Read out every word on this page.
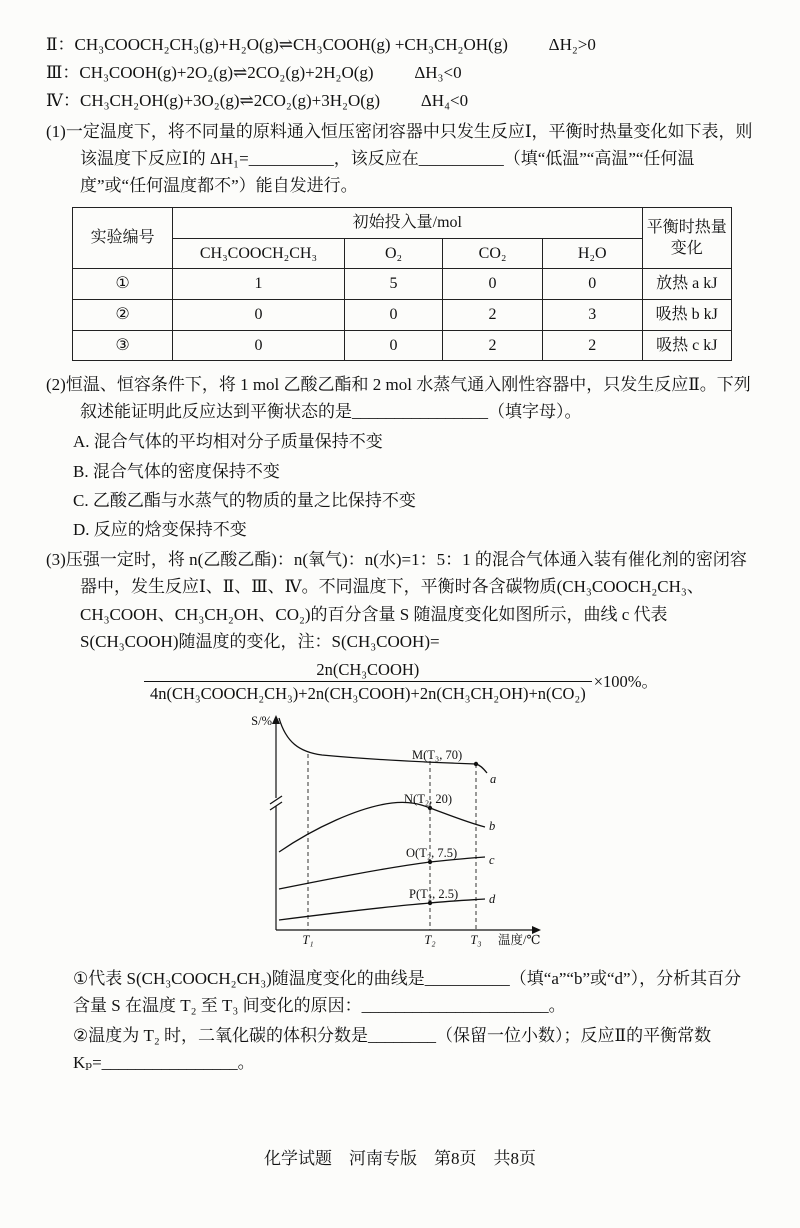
Ⅱ：CH₃COOCH₂CH₃(g)+H₂O(g)⇌CH₃COOH(g) +CH₃CH₂OH(g) ΔH₂>0

Ⅲ：CH₃COOH(g)+2O₂(g)⇌2CO₂(g)+2H₂O(g) ΔH₃<0

Ⅳ：CH₃CH₂OH(g)+3O₂(g)⇌2CO₂(g)+3H₂O(g) ΔH₄<0

(1)一定温度下，将不同量的原料通入恒压密闭容器中只发生反应Ⅰ，平衡时热量变化如下表，则该温度下反应Ⅰ的 ΔH₁=__________，该反应在__________（填“低温”“高温”“任何温度”或“任何温度都不”）能自发进行。

实验编号	初始投入量/mol				平衡时热量变化
	CH₃COOCH₂CH₃	O₂	CO₂	H₂O	
①	1	5	0	0	放热 a kJ
②	0	0	2	3	吸热 b kJ
③	0	0	2	2	吸热 c kJ

(2)恒温、恒容条件下，将 1 mol 乙酸乙酯和 2 mol 水蒸气通入刚性容器中，只发生反应Ⅱ。下列叙述能证明此反应达到平衡状态的是________________（填字母）。

A. 混合气体的平均相对分子质量保持不变

B. 混合气体的密度保持不变

C. 乙酸乙酯与水蒸气的物质的量之比保持不变

D. 反应的焓变保持不变

(3)压强一定时，将 n(乙酸乙酯)：n(氧气)：n(水)=1：5：1 的混合气体通入装有催化剂的密闭容器中，发生反应Ⅰ、Ⅱ、Ⅲ、Ⅳ。不同温度下，平衡时各含碳物质(CH₃COOCH₂CH₃、CH₃COOH、CH₃CH₂OH、CO₂)的百分含量 S 随温度变化如图所示，曲线 c 代表 S(CH₃COOH)随温度的变化，注：S(CH₃COOH)=

$\frac{\text{2n(CH₃COOH)}}{\text{4n(CH₃COOCH₂CH₃)+2n(CH₃COOH)+2n(CH₃CH₂OH)+n(CO₂)}} \times 100\%$。
M(T₃, 70)
N(T₂, 20)
O(T₂, 7.5)
P(T₂, 2.5)
a
b
c
d
S/%
T₁	T₂	T₃ 温度/℃

①代表 S(CH₃COOCH₂CH₃)随温度变化的曲线是__________（填“a”“b”或“d”），分析其百分含量 S 在温度 T₂ 至 T₃ 间变化的原因：______________________。

②温度为 T₂ 时，二氧化碳的体积分数是________（保留一位小数）；反应Ⅱ的平衡常数 Kₚ=________________。

化学试题　河南专版　第8页　共8页
